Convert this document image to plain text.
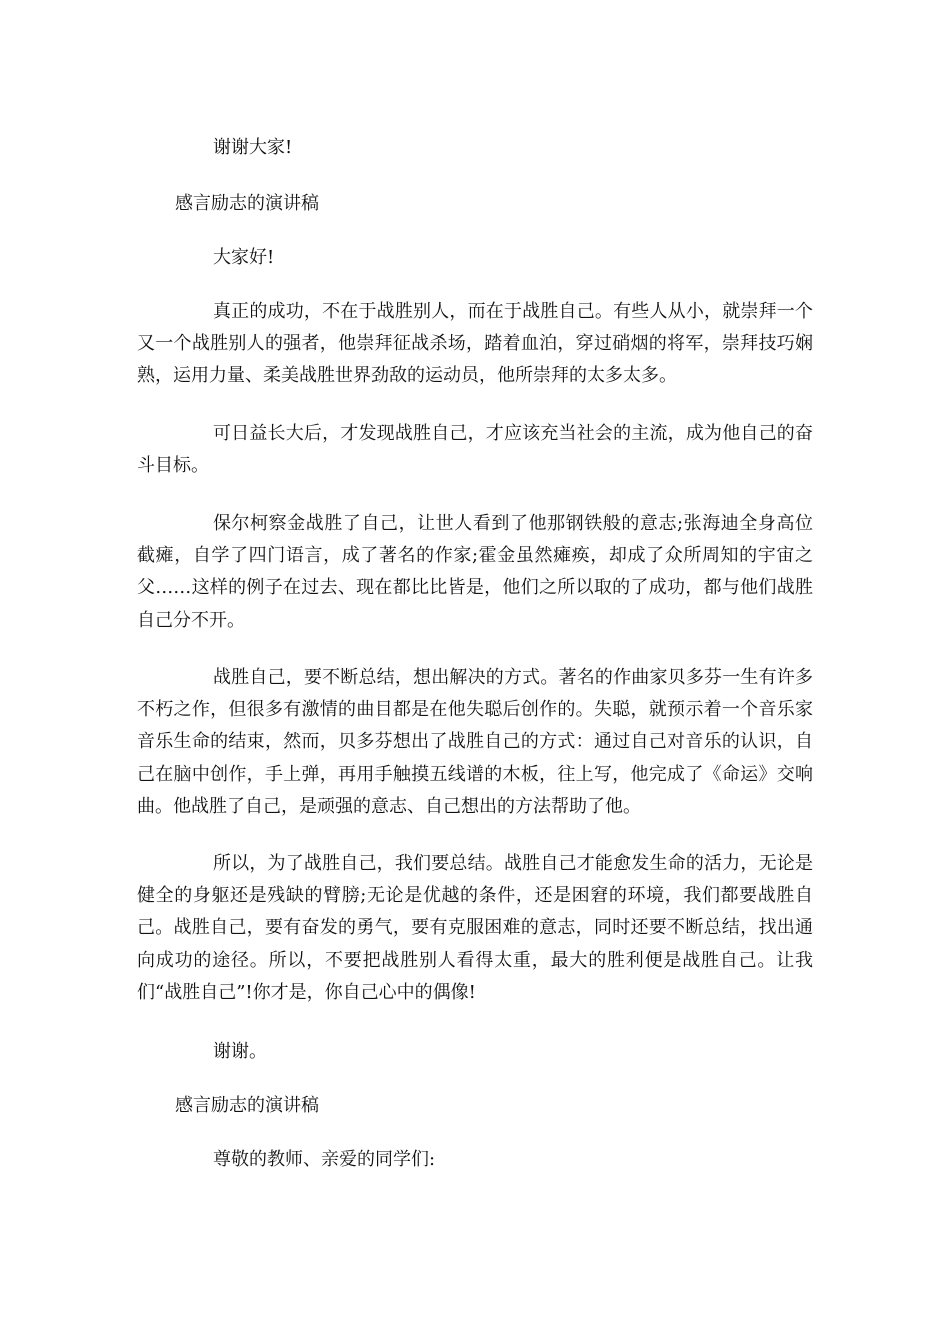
谢谢大家!
感言励志的演讲稿
大家好!

真正的成功，不在于战胜别人，而在于战胜自己。有些人从小，就崇拜一个又一个战胜别人的强者，他崇拜征战杀场，踏着血泊，穿过硝烟的将军，崇拜技巧娴熟，运用力量、柔美战胜世界劲敌的运动员，他所崇拜的太多太多。

可日益长大后，才发现战胜自己，才应该充当社会的主流，成为他自己的奋斗目标。

保尔柯察金战胜了自己，让世人看到了他那钢铁般的意志;张海迪全身高位截瘫，自学了四门语言，成了著名的作家;霍金虽然瘫痪，却成了众所周知的宇宙之父……这样的例子在过去、现在都比比皆是，他们之所以取的了成功，都与他们战胜自己分不开。

战胜自己，要不断总结，想出解决的方式。著名的作曲家贝多芬一生有许多不朽之作，但很多有激情的曲目都是在他失聪后创作的。失聪，就预示着一个音乐家音乐生命的结束，然而，贝多芬想出了战胜自己的方式：通过自己对音乐的认识，自己在脑中创作，手上弹，再用手触摸五线谱的木板，往上写，他完成了《命运》交响曲。他战胜了自己，是顽强的意志、自己想出的方法帮助了他。

所以，为了战胜自己，我们要总结。战胜自己才能愈发生命的活力，无论是健全的身躯还是残缺的臂膀;无论是优越的条件，还是困窘的环境，我们都要战胜自己。战胜自己，要有奋发的勇气，要有克服困难的意志，同时还要不断总结，找出通向成功的途径。所以，不要把战胜别人看得太重，最大的胜利便是战胜自己。让我们“战胜自己”!你才是，你自己心中的偶像!

谢谢。
感言励志的演讲稿
尊敬的教师、亲爱的同学们:
